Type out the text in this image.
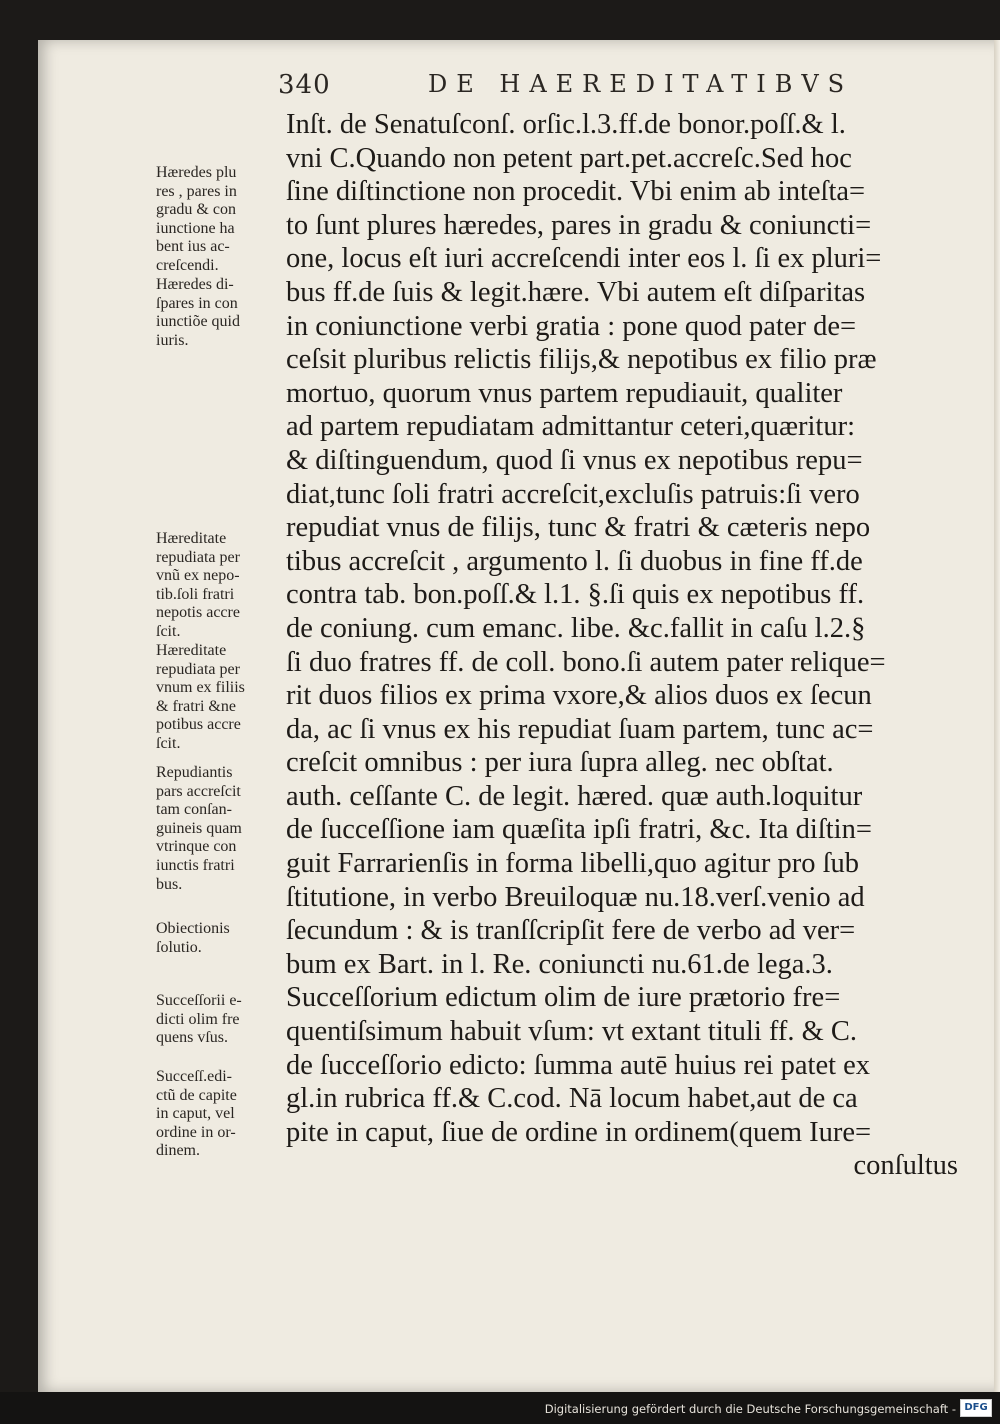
340	DE HAEREDITATIBVS
Inſt. de Senatuſconſ. orſic.l.3.ff.de bonor.poſſ.& l.
vni C.Quando non petent part.pet.accreſc.Sed hoc
ſine diſtinctione non procedit. Vbi enim ab inteſta=
to ſunt plures hæredes, pares in gradu & coniuncti=
one, locus eſt iuri accreſcendi inter eos l. ſi ex pluri=
bus ff.de ſuis & legit.hære. Vbi autem eſt diſparitas
in coniunctione verbi gratia : pone quod pater de=
ceſsit pluribus relictis filijs,& nepotibus ex filio præ
mortuo, quorum vnus partem repudiauit, qualiter
ad partem repudiatam admittantur ceteri,quæritur:
& diſtinguendum, quod ſi vnus ex nepotibus repu=
diat,tunc ſoli fratri accreſcit,excluſis patruis:ſi vero
repudiat vnus de filijs, tunc & fratri & cæteris nepo
tibus accreſcit , argumento l. ſi duobus in fine ff.de
contra tab. bon.poſſ.& l.1. §.ſi quis ex nepotibus ff.
de coniung. cum emanc. libe. &c.fallit in caſu l.2.§
ſi duo fratres ff. de coll. bono.ſi autem pater relique=
rit duos filios ex prima vxore,& alios duos ex ſecun
da, ac ſi vnus ex his repudiat ſuam partem, tunc ac=
creſcit omnibus : per iura ſupra alleg. nec obſtat.
auth. ceſſante C. de legit. hæred. quæ auth.loquitur
de ſucceſſione iam quæſita ipſi fratri, &c. Ita diſtin=
guit Farrarienſis in forma libelli,quo agitur pro ſub
ſtitutione, in verbo Breuiloquæ nu.18.verſ.venio ad
ſecundum : & is tranſſcripſit fere de verbo ad ver=
bum ex Bart. in l. Re. coniuncti nu.61.de lega.3.
Succeſſorium edictum olim de iure prætorio fre=
quentiſsimum habuit vſum: vt extant tituli ff. & C.
de ſucceſſorio edicto: ſumma autē huius rei patet ex
gl.in rubrica ff.& C.cod. Nā locum habet,aut de ca
pite in caput, ſiue de ordine in ordinem(quem Iure=
conſultus
Hæredes plu
res , pares in
gradu & con
iunctione ha
bent ius ac-
creſcendi.
Hæredes di-
ſpares in con
iunctiõe quid
iuris.
Hæreditate
repudiata per
vnũ ex nepo-
tib.ſoli fratri
nepotis accre
ſcit.
Hæreditate
repudiata per
vnum ex filiis
& fratri &ne
potibus accre
ſcit.
Repudiantis
pars accreſcit
tam conſan-
guineis quam
vtrinque con
iunctis fratri
bus.
Obiectionis
ſolutio.
Succeſſorii e-
dicti olim fre
quens vſus.
Succeſſ.edi-
ctũ de capite
in caput, vel
ordine in or-
dinem.
Digitalisierung gefördert durch die Deutsche Forschungsgemeinschaft - DFG
